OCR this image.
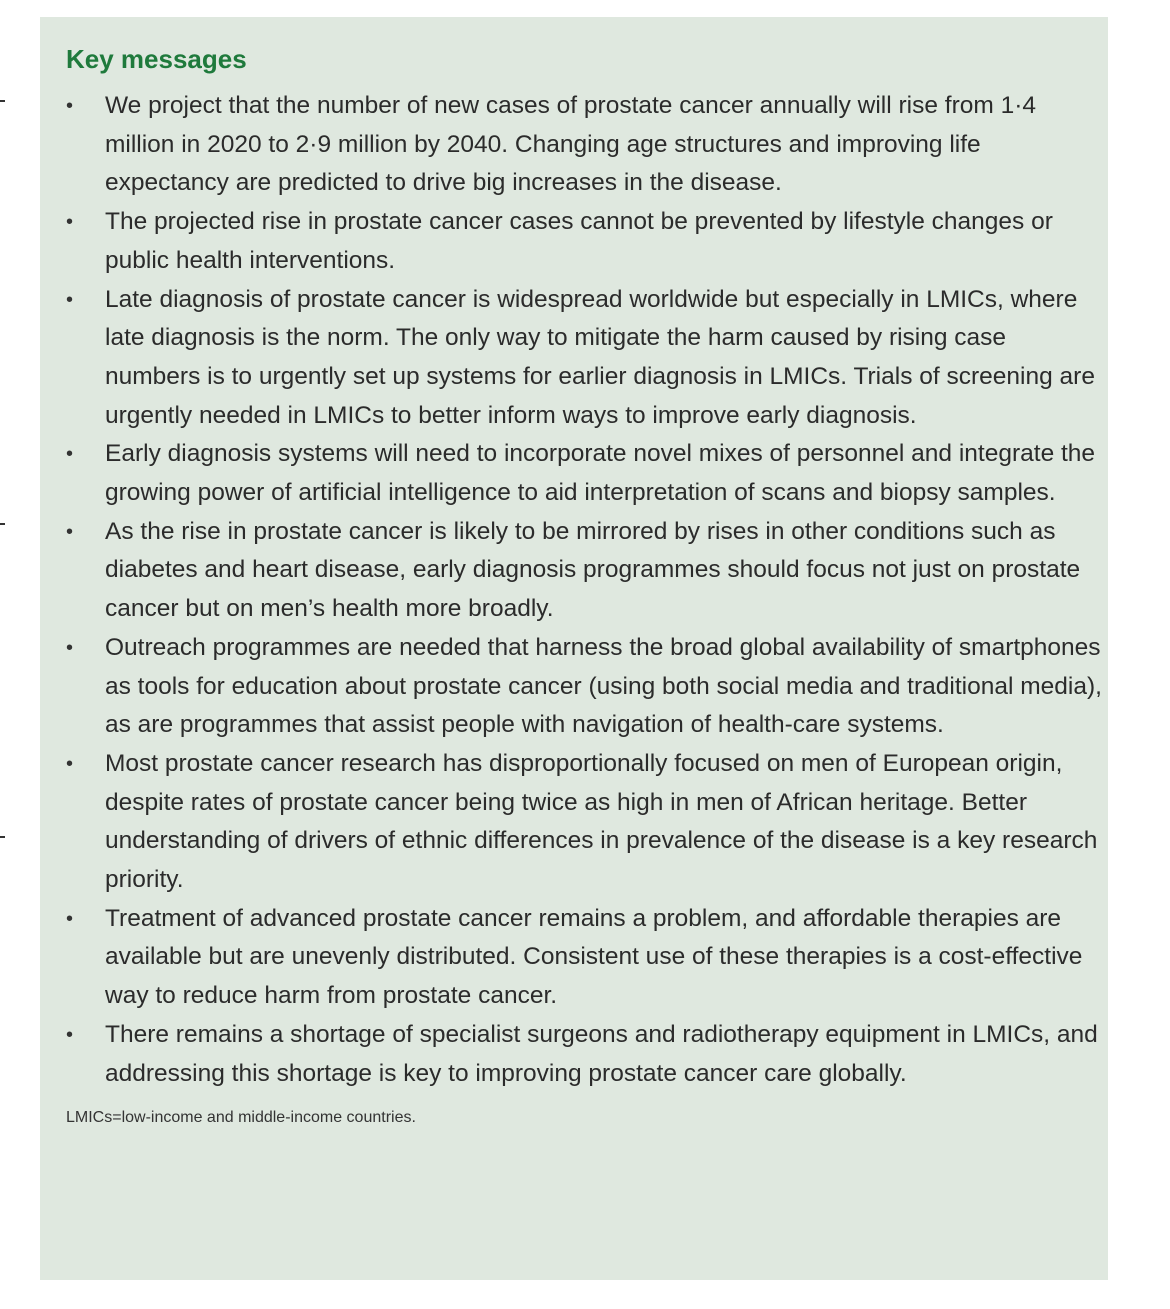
Key messages
• We project that the number of new cases of prostate cancer annually will rise from 1·4 million in 2020 to 2·9 million by 2040. Changing age structures and improving life expectancy are predicted to drive big increases in the disease.
• The projected rise in prostate cancer cases cannot be prevented by lifestyle changes or public health interventions.
• Late diagnosis of prostate cancer is widespread worldwide but especially in LMICs, where late diagnosis is the norm. The only way to mitigate the harm caused by rising case numbers is to urgently set up systems for earlier diagnosis in LMICs. Trials of screening are urgently needed in LMICs to better inform ways to improve early diagnosis.
• Early diagnosis systems will need to incorporate novel mixes of personnel and integrate the growing power of artificial intelligence to aid interpretation of scans and biopsy samples.
• As the rise in prostate cancer is likely to be mirrored by rises in other conditions such as diabetes and heart disease, early diagnosis programmes should focus not just on prostate cancer but on men’s health more broadly.
• Outreach programmes are needed that harness the broad global availability of smartphones as tools for education about prostate cancer (using both social media and traditional media), as are programmes that assist people with navigation of health-care systems.
• Most prostate cancer research has disproportionally focused on men of European origin, despite rates of prostate cancer being twice as high in men of African heritage. Better understanding of drivers of ethnic differences in prevalence of the disease is a key research priority.
• Treatment of advanced prostate cancer remains a problem, and affordable therapies are available but are unevenly distributed. Consistent use of these therapies is a cost-effective way to reduce harm from prostate cancer.
• There remains a shortage of specialist surgeons and radiotherapy equipment in LMICs, and addressing this shortage is key to improving prostate cancer care globally.

LMICs=low-income and middle-income countries.
